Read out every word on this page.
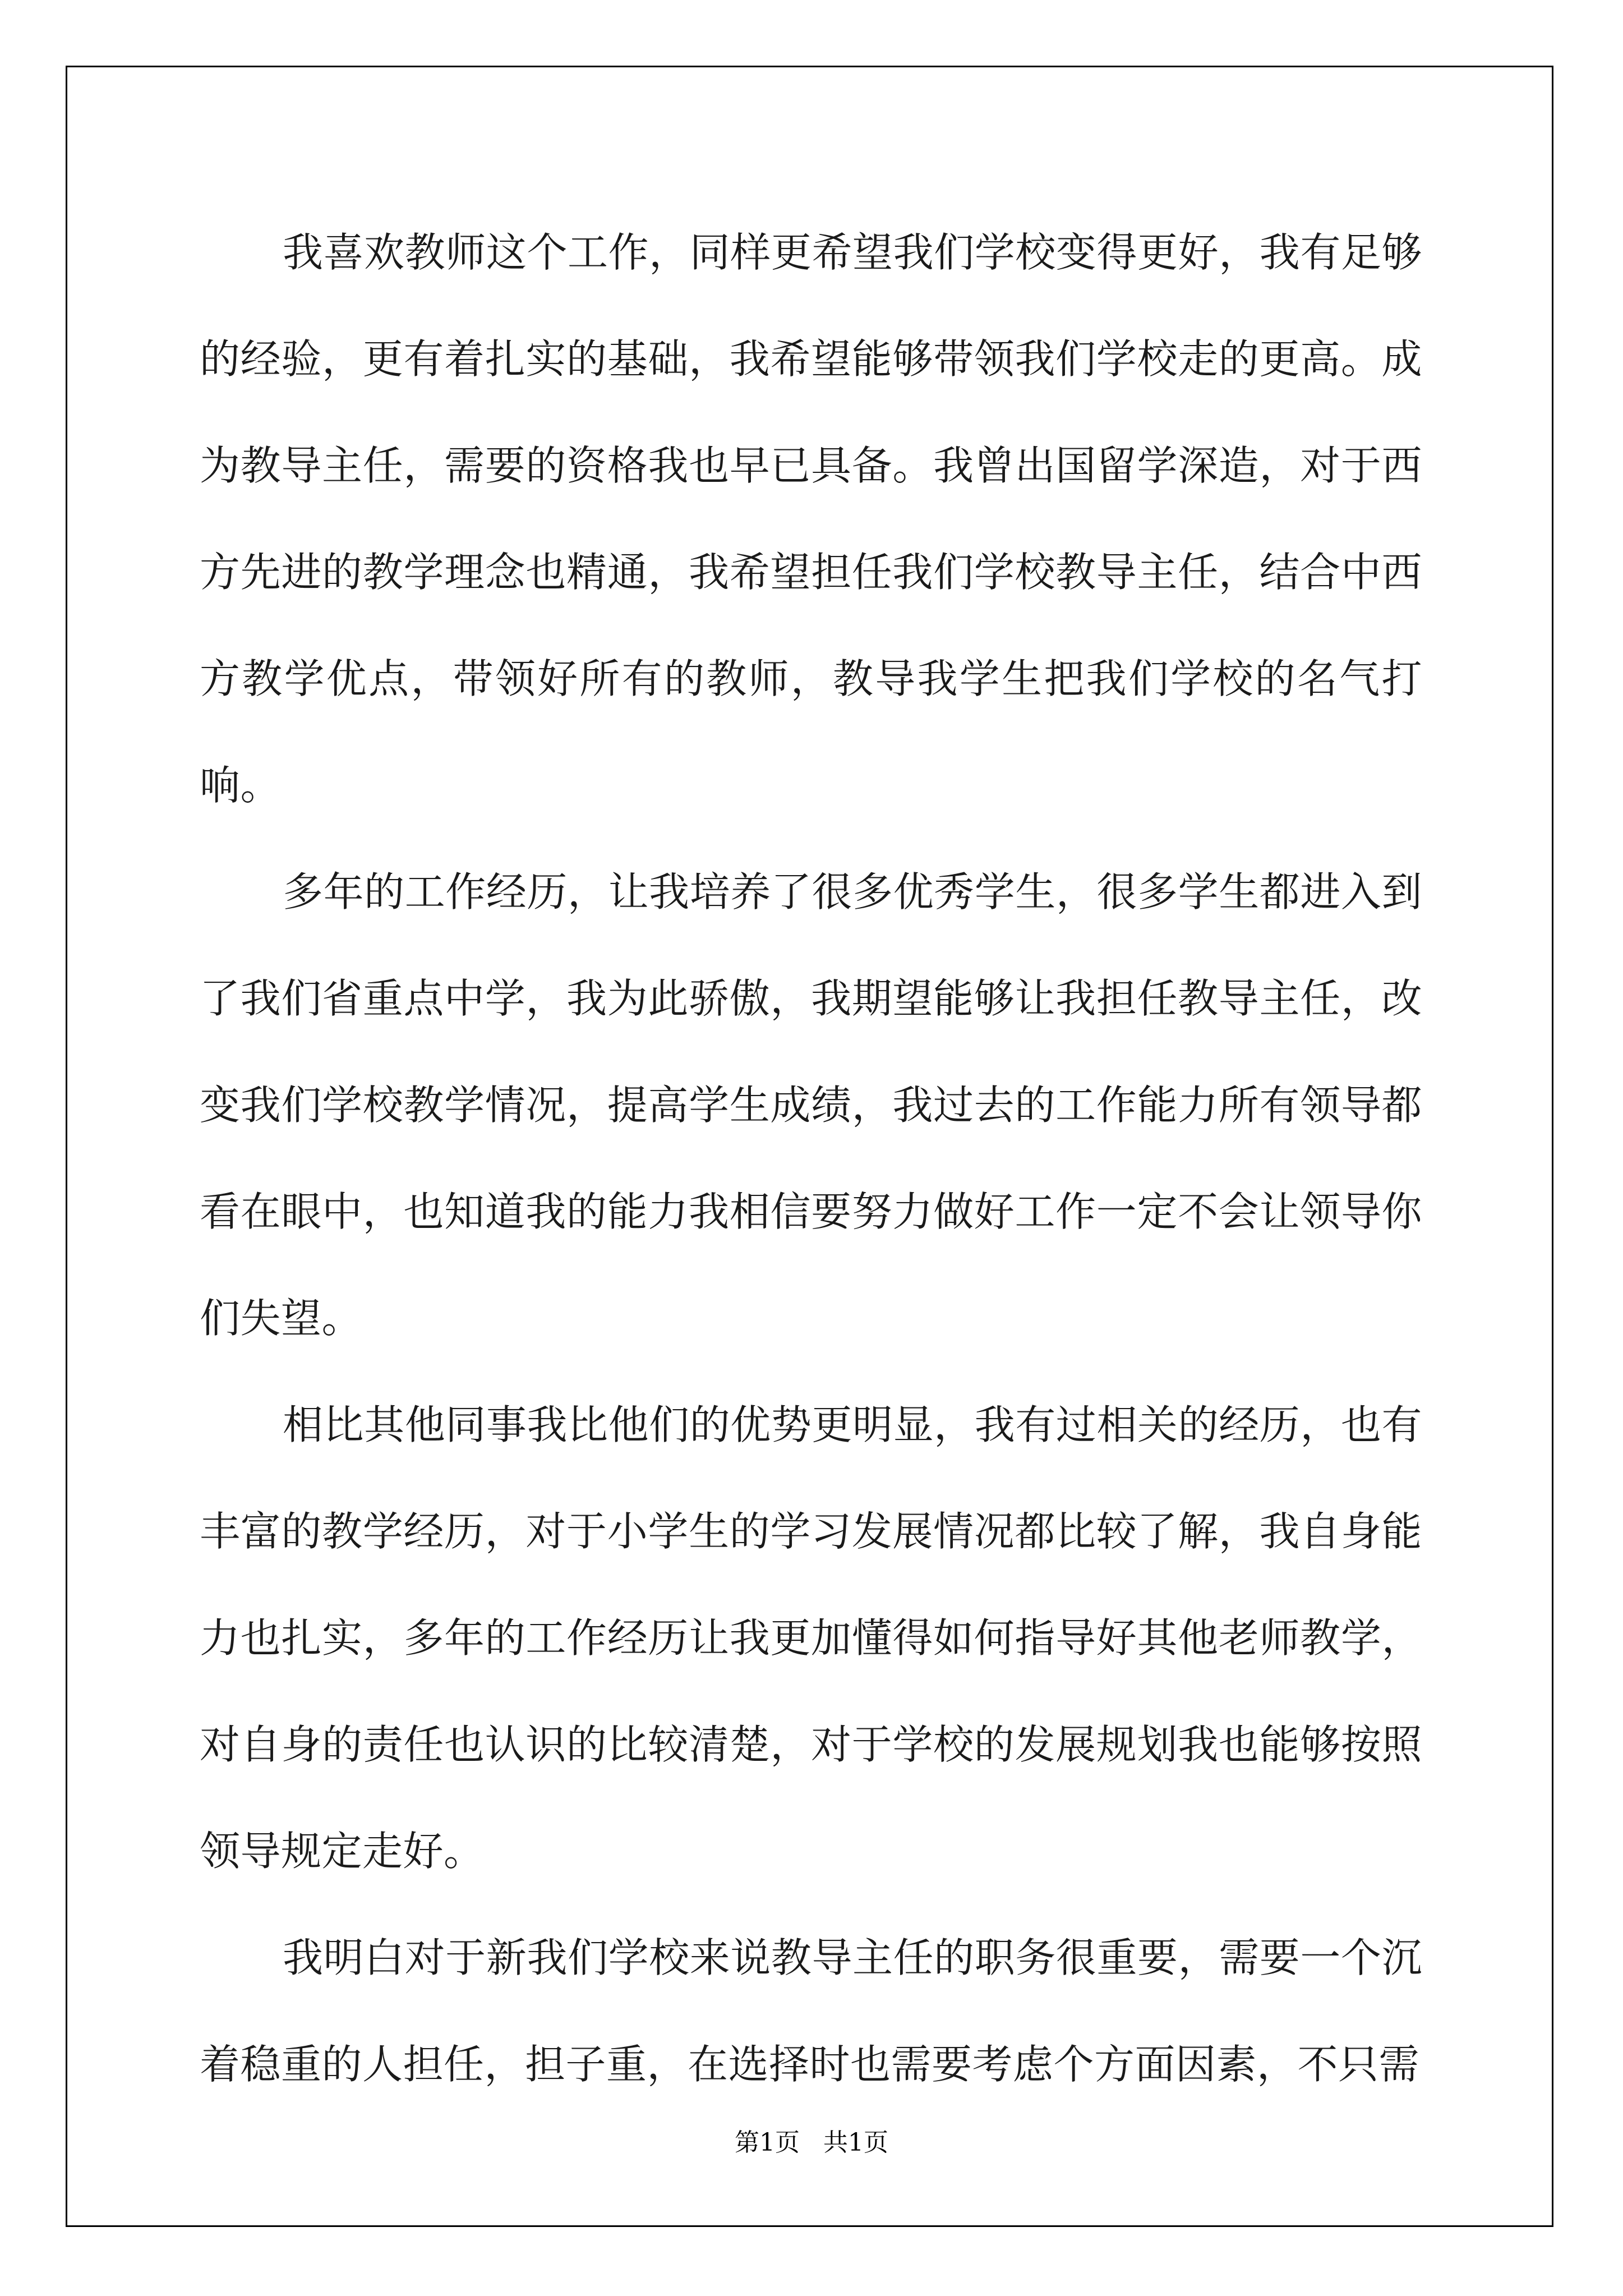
我喜欢教师这个工作，同样更希望我们学校变得更好，我有足够的经验，更有着扎实的基础，我希望能够带领我们学校走的更高。成为教导主任，需要的资格我也早已具备。我曾出国留学深造，对于西方先进的教学理念也精通，我希望担任我们学校教导主任，结合中西方教学优点，带领好所有的教师，教导我学生把我们学校的名气打响。

多年的工作经历，让我培养了很多优秀学生，很多学生都进入到了我们省重点中学，我为此骄傲，我期望能够让我担任教导主任，改变我们学校教学情况，提高学生成绩，我过去的工作能力所有领导都看在眼中，也知道我的能力我相信要努力做好工作一定不会让领导你们失望。

相比其他同事我比他们的优势更明显，我有过相关的经历，也有丰富的教学经历，对于小学生的学习发展情况都比较了解，我自身能力也扎实，多年的工作经历让我更加懂得如何指导好其他老师教学，对自身的责任也认识的比较清楚，对于学校的发展规划我也能够按照领导规定走好。

我明白对于新我们学校来说教导主任的职务很重要，需要一个沉着稳重的人担任，担子重，在选择时也需要考虑个方面因素，不只需

第1页   共1页
